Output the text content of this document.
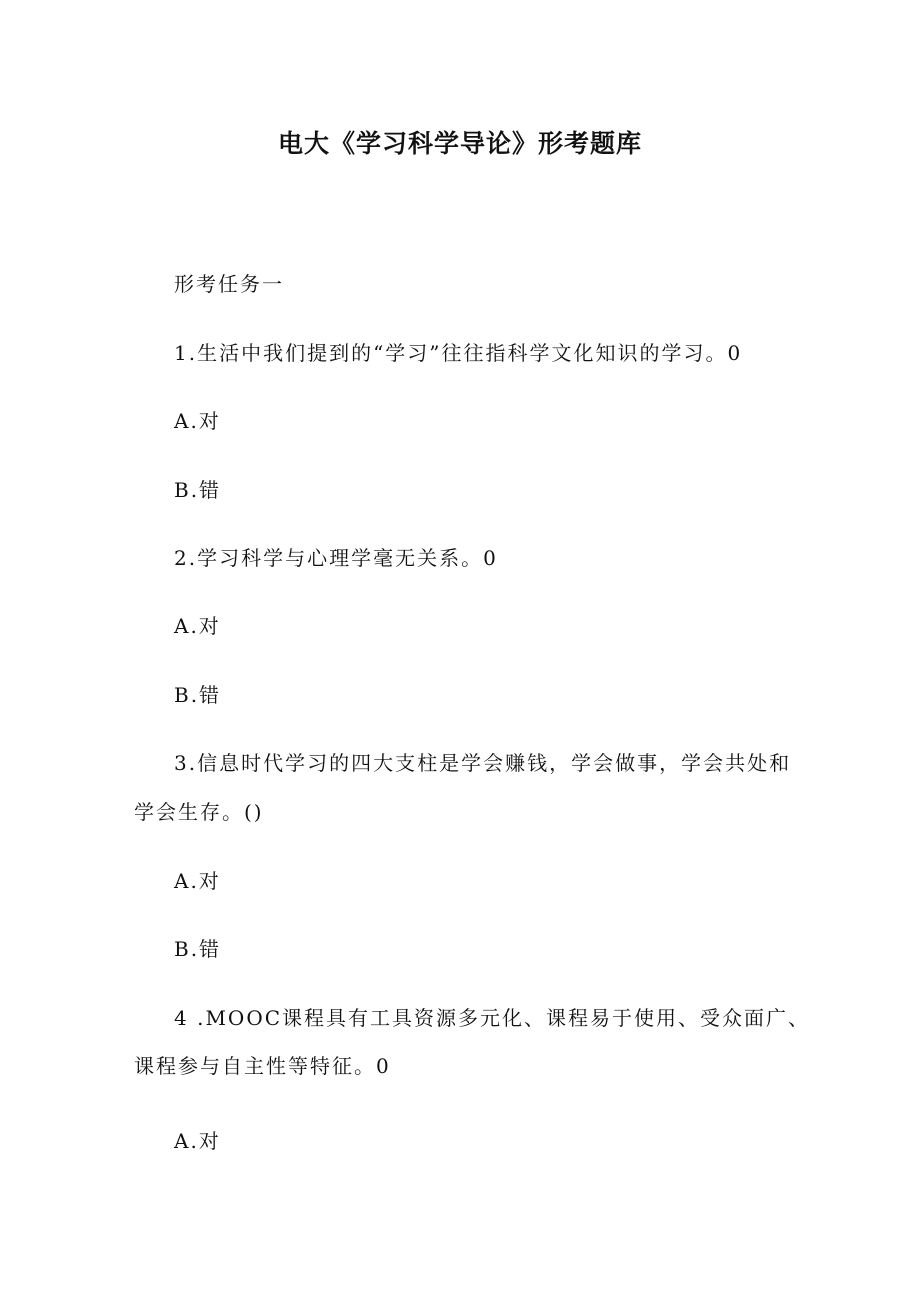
电大《学习科学导论》形考题库

形考任务一

1.生活中我们提到的“学习”往往指科学文化知识的学习。0

A.对

B.错

2.学习科学与心理学毫无关系。0

A.对

B.错

3.信息时代学习的四大支柱是学会赚钱，学会做事，学会共处和

学会生存。()

A.对

B.错

4 .MOOC课程具有工具资源多元化、课程易于使用、受众面广、

课程参与自主性等特征。0

A.对
